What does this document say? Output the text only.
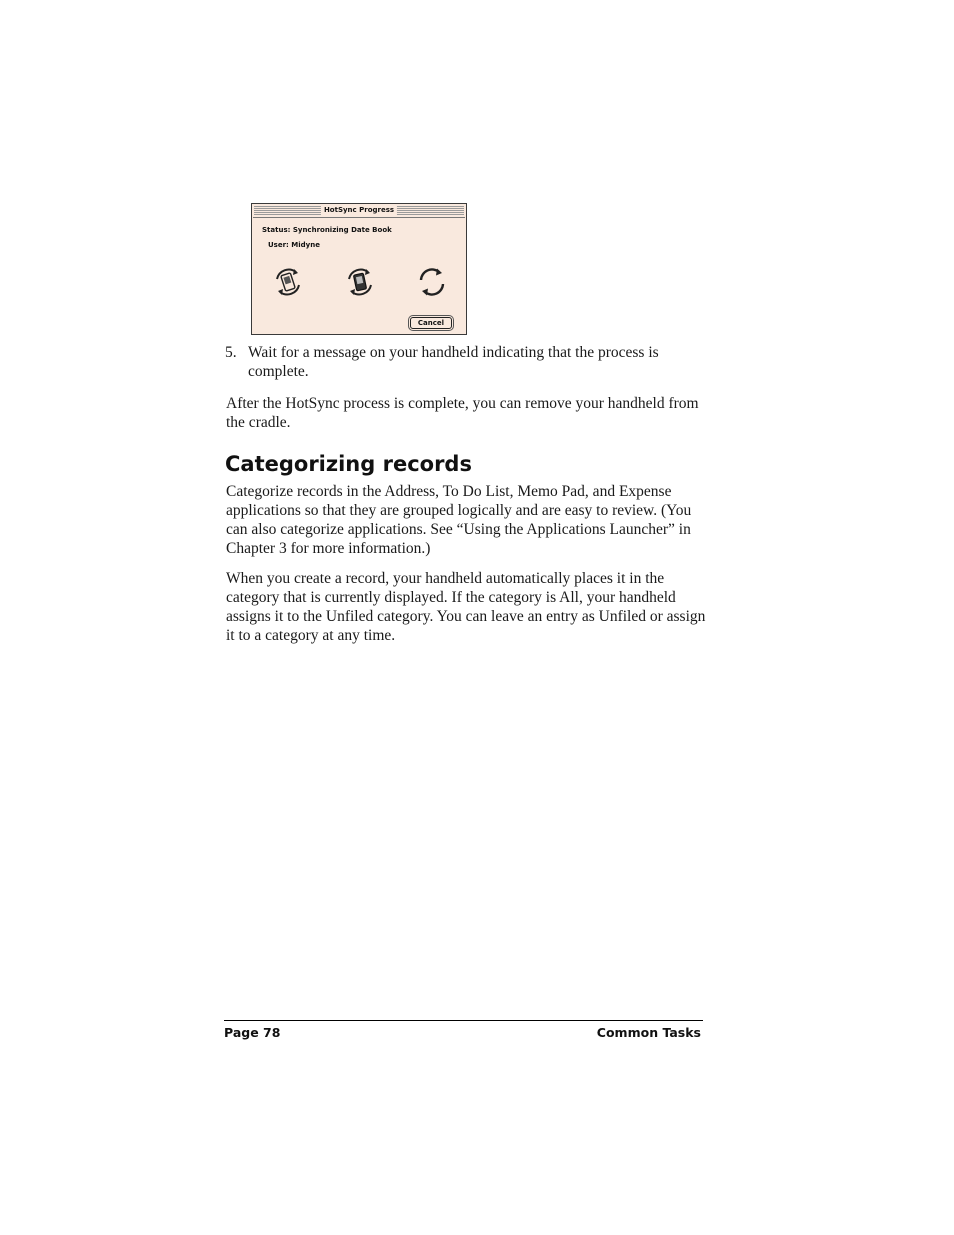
HotSync Progress
Status: Synchronizing Date Book
User: Midyne
Cancel
5. Wait for a message on your handheld indicating that the process is complete.

After the HotSync process is complete, you can remove your handheld from the cradle.

Categorizing records

Categorize records in the Address, To Do List, Memo Pad, and Expense applications so that they are grouped logically and are easy to review. (You can also categorize applications. See “Using the Applications Launcher” in Chapter 3 for more information.)

When you create a record, your handheld automatically places it in the category that is currently displayed. If the category is All, your handheld assigns it to the Unfiled category. You can leave an entry as Unfiled or assign it to a category at any time.

Page 78	Common Tasks
